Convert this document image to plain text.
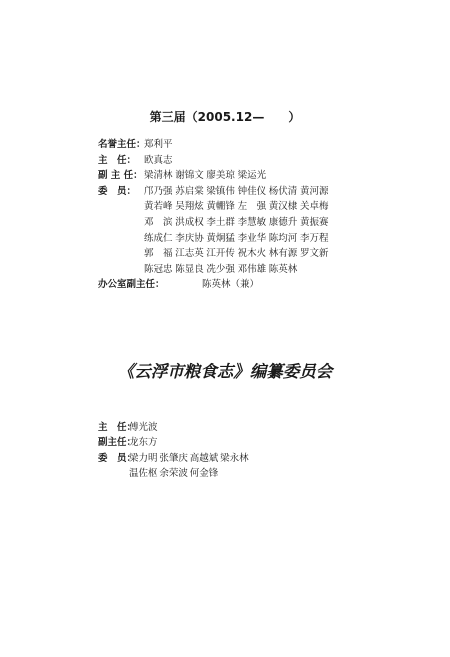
第三届（2005.12—　　）
名誉主任：
郑利平
主　任： 欧真志
副 主 任： 梁清林 谢锦文 廖美琼 梁运光
委　员： 邝乃强 苏启棠 梁镇伟 钟佳仪 杨伏清 黄河源
黄若峰 吴翔炫 黄輣锋 左　强 黄汉棣 关卓梅
邓　滨 洪成权 李土群 李慧敏 康德升 黄振赛
练成仁 李庆协 黄炯猛 李业华 陈均河 李万程
郭　福 江志英 江开传 祝木火 林有源 罗文新
陈冠忠 陈显良 冼少强 邓伟雄 陈英林
办公室副主任：	陈英林（兼）
《云浮市粮食志》编纂委员会
主　任：
傅光波
副主任：
龙东方
委　员：
梁力明 张肇庆 高越斌 梁永林
温佐枢 余荣波 何金锋
